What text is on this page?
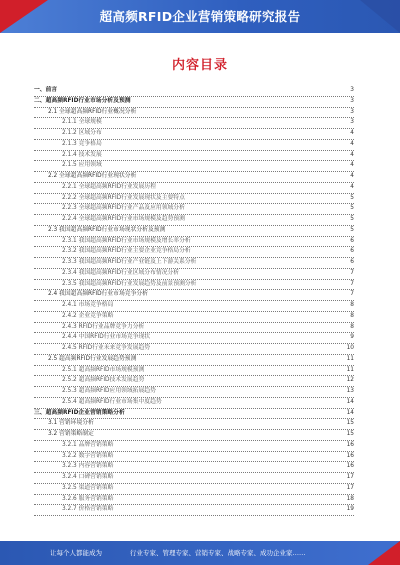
超高频RFID企业营销策略研究报告
内容目录
一、前言	3
二、超高频RFID行业市场分析及预测	3
2.1 全球超高频RFID行业概况分析	3
2.1.1 全球规模	3
2.1.2 区域分布	4
2.1.3 竞争格局	4
2.1.4 技术发展	4
2.1.5 应用领域	4
2.2 全球超高频RFID行业现状分析	4
2.2.1 全球超高频RFID行业发展历程	4
2.2.2 全球超高频RFID行业发展现状及主要特点	5
2.2.3 全球超高频RFID行业产品及应用领域分析	5
2.2.4 全球超高频RFID行业市场规模及趋势预测	5
2.3 我国超高频RFID行业市场现状分析及预测	5
2.3.1 我国超高频RFID行业市场规模及增长率分析	6
2.3.2 我国超高频RFID行业主要企业竞争格局分析	6
2.3.3 我国超高频RFID行业产业链及上下游关系分析	6
2.3.4 我国超高频RFID行业区域分布情况分析	7
2.3.5 我国超高频RFID行业发展趋势及前景预测分析	7
2.4 我国超高频RFID行业市场竞争分析	7
2.4.1 市场竞争格局	8
2.4.2 企业竞争策略	8
2.4.3 RFID行业品牌竞争力分析	8
2.4.4 中国RFID行业市场竞争现状	9
2.4.5 RFID行业未来竞争发展趋势	10
2.5 超高频RFID行业发展趋势预测	11
2.5.1 超高频RFID市场规模预测	11
2.5.2 超高频RFID技术发展趋势	12
2.5.3 超高频RFID应用领域拓展趋势	13
2.5.4 超高频RFID行业市场集中度趋势	14
三、超高频RFID企业营销策略分析	14
3.1 营销环境分析	15
3.2 营销策略制定	15
3.2.1 品牌营销策略	16
3.2.2 数字营销策略	16
3.2.3 内容营销策略	16
3.2.4 口碑营销策略	17
3.2.5 渠道营销策略	17
3.2.6 服务营销策略	18
3.2.7 价格营销策略	19
让每个人都能成为	行业专家、管理专家、营销专家、战略专家、成功企业家……
